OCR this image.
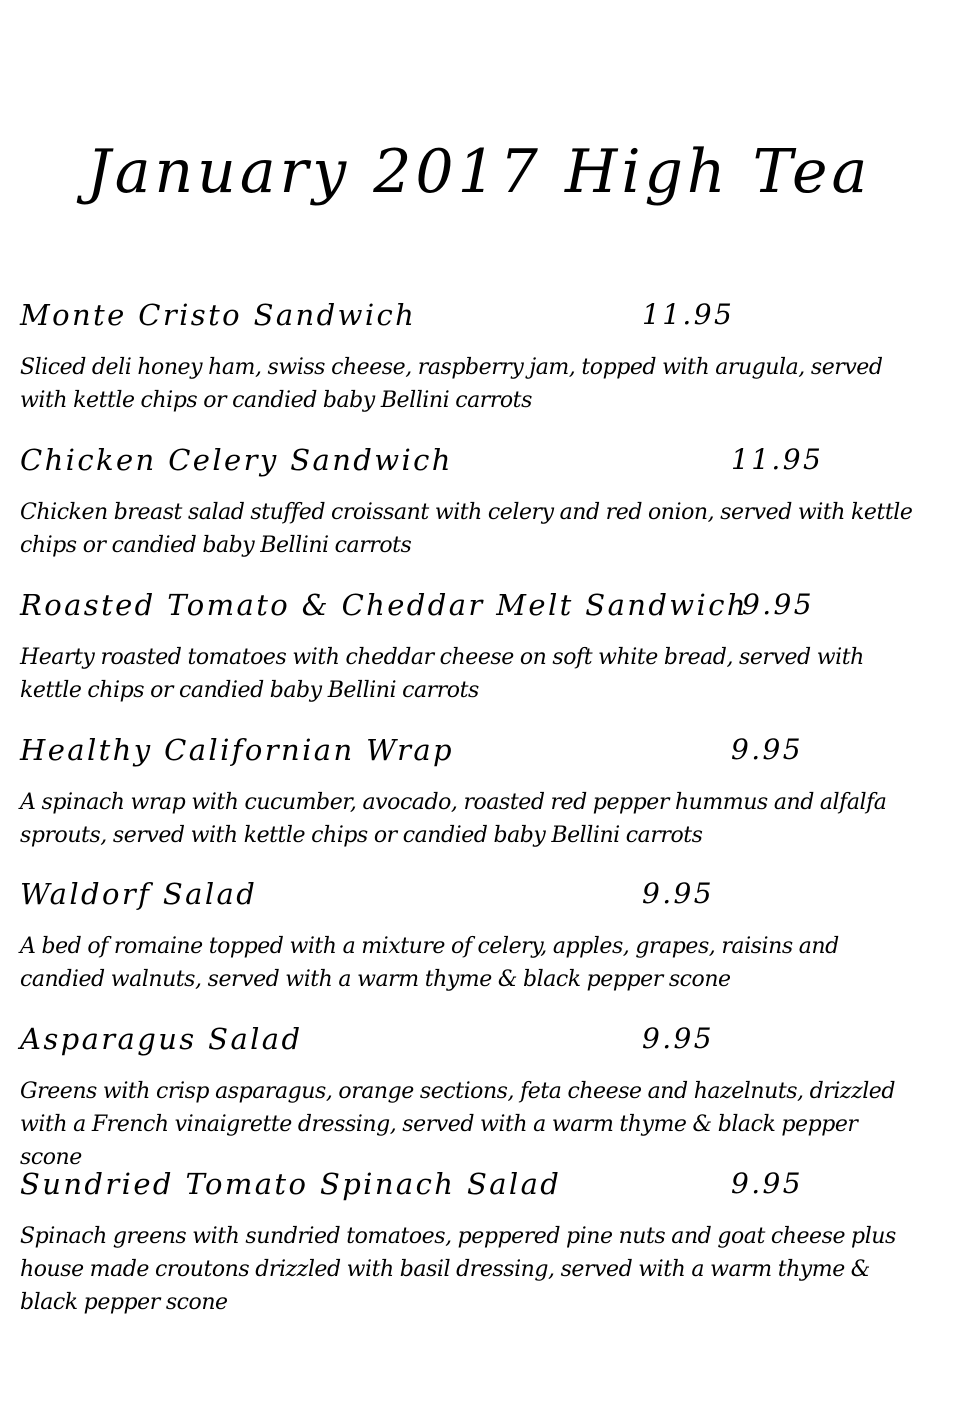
January 2017 High Tea
Monte Cristo Sandwich	11.95
Sliced deli honey ham, swiss cheese, raspberry jam, topped with arugula, served with kettle chips or candied baby Bellini carrots
Chicken Celery Sandwich	11.95
Chicken breast salad stuffed croissant with celery and red onion, served with kettle chips or candied baby Bellini carrots
Roasted Tomato & Cheddar Melt Sandwich
9.95
Hearty roasted tomatoes with cheddar cheese on soft white bread, served with kettle chips or candied baby Bellini carrots
Healthy Californian Wrap	9.95
A spinach wrap with cucumber, avocado, roasted red pepper hummus and alfalfa sprouts, served with kettle chips or candied baby Bellini carrots
Waldorf Salad	9.95
A bed of romaine topped with a mixture of celery, apples, grapes, raisins and candied walnuts, served with a warm thyme & black pepper scone
Asparagus Salad	9.95
Greens with crisp asparagus, orange sections, feta cheese and hazelnuts, drizzled with a French vinaigrette dressing, served with a warm thyme & black pepper scone
Sundried Tomato Spinach Salad	9.95
Spinach greens with sundried tomatoes, peppered pine nuts and goat cheese plus house made croutons drizzled with basil dressing, served with a warm thyme & black pepper scone
